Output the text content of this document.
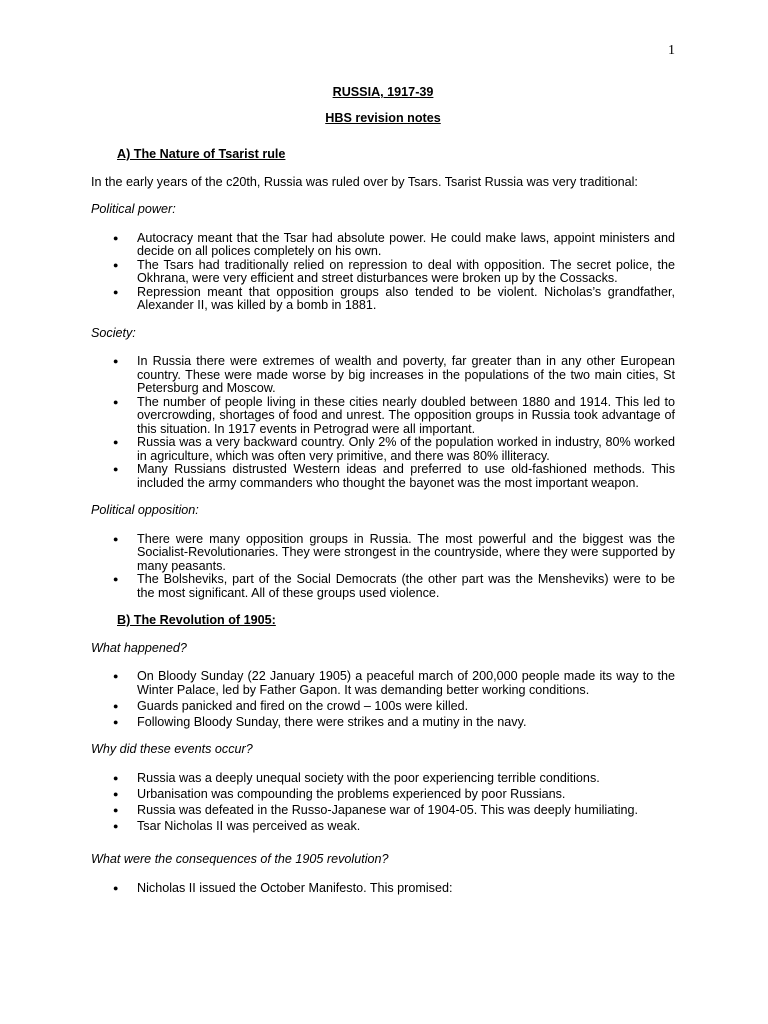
1
RUSSIA, 1917-39
HBS revision notes
A) The Nature of Tsarist rule
In the early years of the c20th, Russia was ruled over by Tsars. Tsarist Russia was very traditional:
Political power:
● Autocracy meant that the Tsar had absolute power. He could make laws, appoint ministers and decide on all polices completely on his own.
● The Tsars had traditionally relied on repression to deal with opposition. The secret police, the Okhrana, were very efficient and street disturbances were broken up by the Cossacks.
● Repression meant that opposition groups also tended to be violent. Nicholas’s grandfather, Alexander II, was killed by a bomb in 1881.
Society:
● In Russia there were extremes of wealth and poverty, far greater than in any other European country. These were made worse by big increases in the populations of the two main cities, St Petersburg and Moscow.
● The number of people living in these cities nearly doubled between 1880 and 1914. This led to overcrowding, shortages of food and unrest. The opposition groups in Russia took advantage of this situation. In 1917 events in Petrograd were all important.
● Russia was a very backward country. Only 2% of the population worked in industry, 80% worked in agriculture, which was often very primitive, and there was 80% illiteracy.
● Many Russians distrusted Western ideas and preferred to use old-fashioned methods. This included the army commanders who thought the bayonet was the most important weapon.
Political opposition:
● There were many opposition groups in Russia. The most powerful and the biggest was the Socialist-Revolutionaries. They were strongest in the countryside, where they were supported by many peasants.
● The Bolsheviks, part of the Social Democrats (the other part was the Mensheviks) were to be the most significant. All of these groups used violence.
B) The Revolution of 1905:
What happened?
● On Bloody Sunday (22 January 1905) a peaceful march of 200,000 people made its way to the Winter Palace, led by Father Gapon. It was demanding better working conditions.
● Guards panicked and fired on the crowd – 100s were killed.
● Following Bloody Sunday, there were strikes and a mutiny in the navy.
Why did these events occur?
● Russia was a deeply unequal society with the poor experiencing terrible conditions.
● Urbanisation was compounding the problems experienced by poor Russians.
● Russia was defeated in the Russo-Japanese war of 1904-05. This was deeply humiliating.
● Tsar Nicholas II was perceived as weak.
What were the consequences of the 1905 revolution?
● Nicholas II issued the October Manifesto. This promised:
